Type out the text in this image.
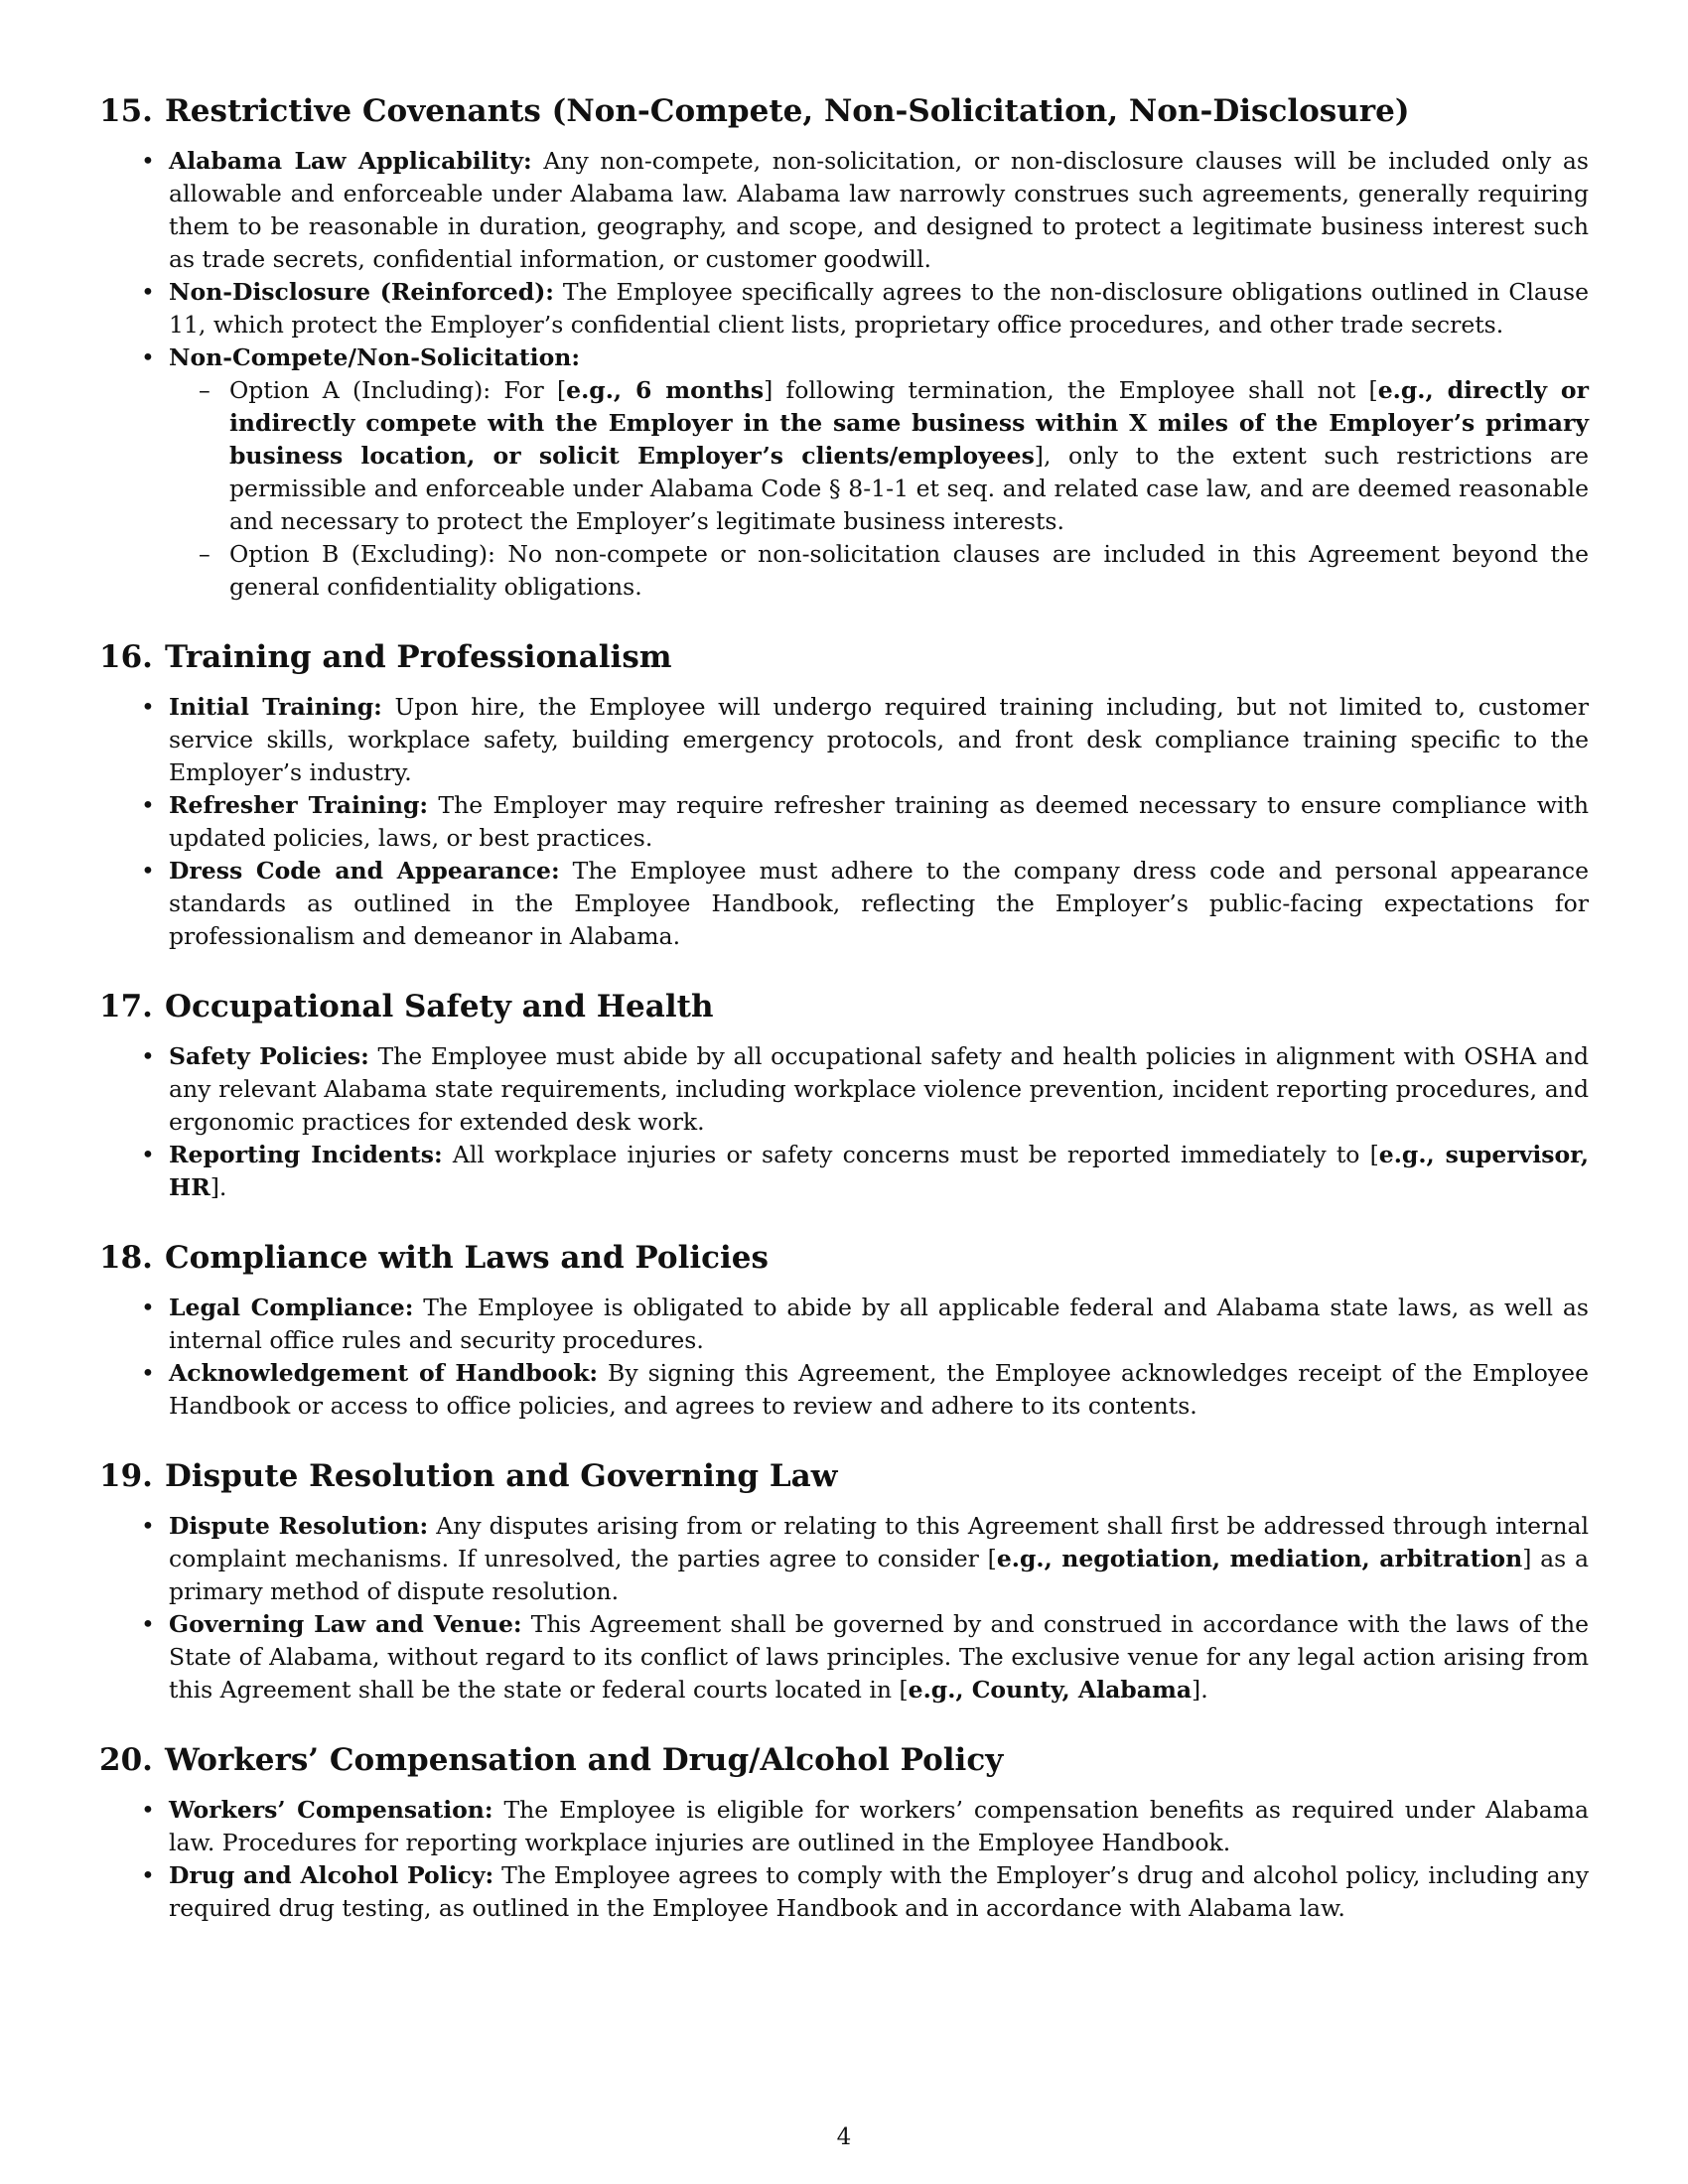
15. Restrictive Covenants (Non-Compete, Non-Solicitation, Non-Disclosure)
• Alabama Law Applicability: Any non-compete, non-solicitation, or non-disclosure clauses will be included only as allowable and enforceable under Alabama law. Alabama law narrowly construes such agreements, generally requiring them to be reasonable in duration, geography, and scope, and designed to protect a legitimate business interest such as trade secrets, confidential information, or customer goodwill.
• Non-Disclosure (Reinforced): The Employee specifically agrees to the non-disclosure obligations outlined in Clause 11, which protect the Employer’s confidential client lists, proprietary office procedures, and other trade secrets.
• Non-Compete/Non-Solicitation:
– Option A (Including): For [e.g., 6 months] following termination, the Employee shall not [e.g., directly or indirectly compete with the Employer in the same business within X miles of the Employer’s primary business location, or solicit Employer’s clients/employees], only to the extent such restrictions are permissible and enforceable under Alabama Code § 8-1-1 et seq. and related case law, and are deemed reasonable and necessary to protect the Employer’s legitimate business interests.
– Option B (Excluding): No non-compete or non-solicitation clauses are included in this Agreement beyond the general confidentiality obligations.
16. Training and Professionalism
• Initial Training: Upon hire, the Employee will undergo required training including, but not limited to, customer service skills, workplace safety, building emergency protocols, and front desk compliance training specific to the Employer’s industry.
• Refresher Training: The Employer may require refresher training as deemed necessary to ensure compliance with updated policies, laws, or best practices.
• Dress Code and Appearance: The Employee must adhere to the company dress code and personal appearance standards as outlined in the Employee Handbook, reflecting the Employer’s public-facing expectations for professionalism and demeanor in Alabama.
17. Occupational Safety and Health
• Safety Policies: The Employee must abide by all occupational safety and health policies in alignment with OSHA and any relevant Alabama state requirements, including workplace violence prevention, incident reporting procedures, and ergonomic practices for extended desk work.
• Reporting Incidents: All workplace injuries or safety concerns must be reported immediately to [e.g., supervisor, HR].
18. Compliance with Laws and Policies
• Legal Compliance: The Employee is obligated to abide by all applicable federal and Alabama state laws, as well as internal office rules and security procedures.
• Acknowledgement of Handbook: By signing this Agreement, the Employee acknowledges receipt of the Employee Handbook or access to office policies, and agrees to review and adhere to its contents.
19. Dispute Resolution and Governing Law
• Dispute Resolution: Any disputes arising from or relating to this Agreement shall first be addressed through internal complaint mechanisms. If unresolved, the parties agree to consider [e.g., negotiation, mediation, arbitration] as a primary method of dispute resolution.
• Governing Law and Venue: This Agreement shall be governed by and construed in accordance with the laws of the State of Alabama, without regard to its conflict of laws principles. The exclusive venue for any legal action arising from this Agreement shall be the state or federal courts located in [e.g., County, Alabama].
20. Workers’ Compensation and Drug/Alcohol Policy
• Workers’ Compensation: The Employee is eligible for workers’ compensation benefits as required under Alabama law. Procedures for reporting workplace injuries are outlined in the Employee Handbook.
• Drug and Alcohol Policy: The Employee agrees to comply with the Employer’s drug and alcohol policy, including any required drug testing, as outlined in the Employee Handbook and in accordance with Alabama law.
4
